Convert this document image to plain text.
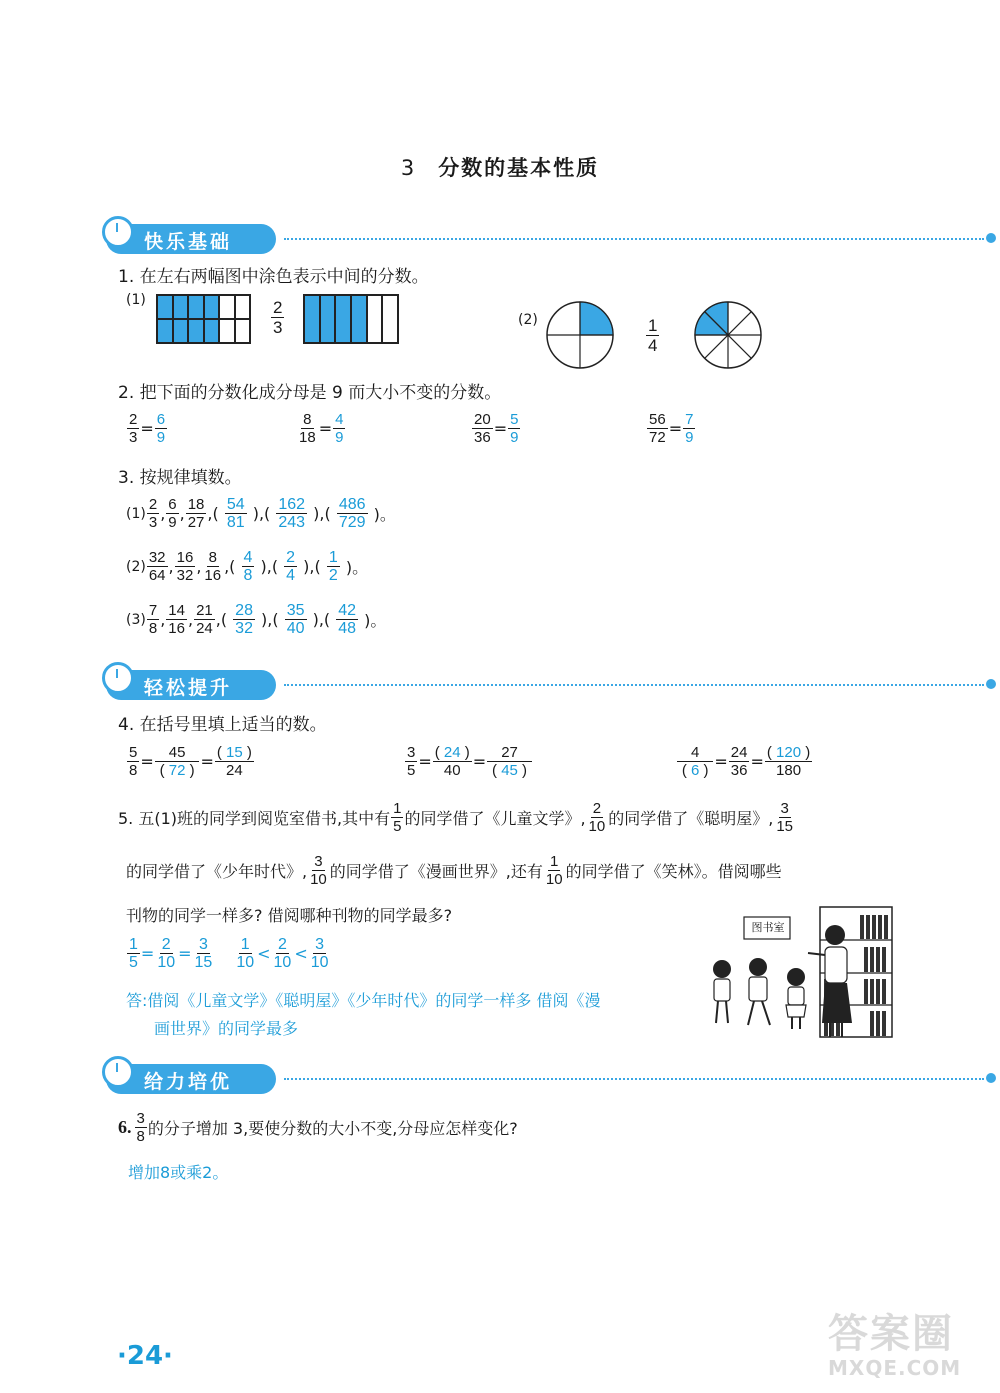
3 分数的基本性质
快乐基础
1. 在左右两幅图中涂色表示中间的分数。
(1)	$\frac{2}{3}$	(2)	$\frac{1}{4}$
2. 把下面的分数化成分母是 9 而大小不变的分数。
$\frac{2}{3} = \frac{6}{9}$	$\frac{8}{18} = \frac{4}{9}$	$\frac{20}{36} = \frac{5}{9}$	$\frac{56}{72} = \frac{7}{9}$
3. 按规律填数。
$(1) \frac{2}{3}$ , $\frac{6}{9}$ , $\frac{18}{27}$ ,( $\frac{54}{81}$ ),( $\frac{162}{243}$ ),( $\frac{486}{729}$ )。
$(2) \frac{32}{64}$ , $\frac{16}{32}$ , $\frac{8}{16}$ ,( $\frac{4}{8}$ ),( $\frac{2}{4}$ ),( $\frac{1}{2}$ )。
$(3) \frac{7}{8}$ , $\frac{14}{16}$ , $\frac{21}{24}$ ,( $\frac{28}{32}$ ),( $\frac{35}{40}$ ),( $\frac{42}{48}$ )。
轻松提升
4. 在括号里填上适当的数。
$\frac{5}{8} = \frac{45}{( 72 )} = \frac{( 15 )}{24}$	$\frac{3}{5} = \frac{( 24 )}{40} = \frac{27}{( 45 )}$	$\frac{4}{( 6 )} = \frac{24}{36} = \frac{( 120 )}{180}$
5. 五(1)班的同学到阅览室借书,其中有 $\frac{1}{5}$ 的同学借了《儿童文学》, $\frac{2}{10}$ 的同学借了《聪明屋》, $\frac{3}{15}$
的同学借了《少年时代》, $\frac{3}{10}$ 的同学借了《漫画世界》,还有 $\frac{1}{10}$ 的同学借了《笑林》。借阅哪些
刊物的同学一样多? 借阅哪种刊物的同学最多?
$\frac{1}{5} = \frac{2}{10} = \frac{3}{15} \frac{1}{10} < \frac{2}{10} < \frac{3}{10}$
答:借阅《儿童文学》《聪明屋》《少年时代》的同学一样多 借阅《漫
画世界》的同学最多
图书室
给力培优
6. $\frac{3}{8}$ 的分子增加 3,要使分数的大小不变,分母应怎样变化?
增加8或乘2。
·24·	答案圈
MXQE.COM
